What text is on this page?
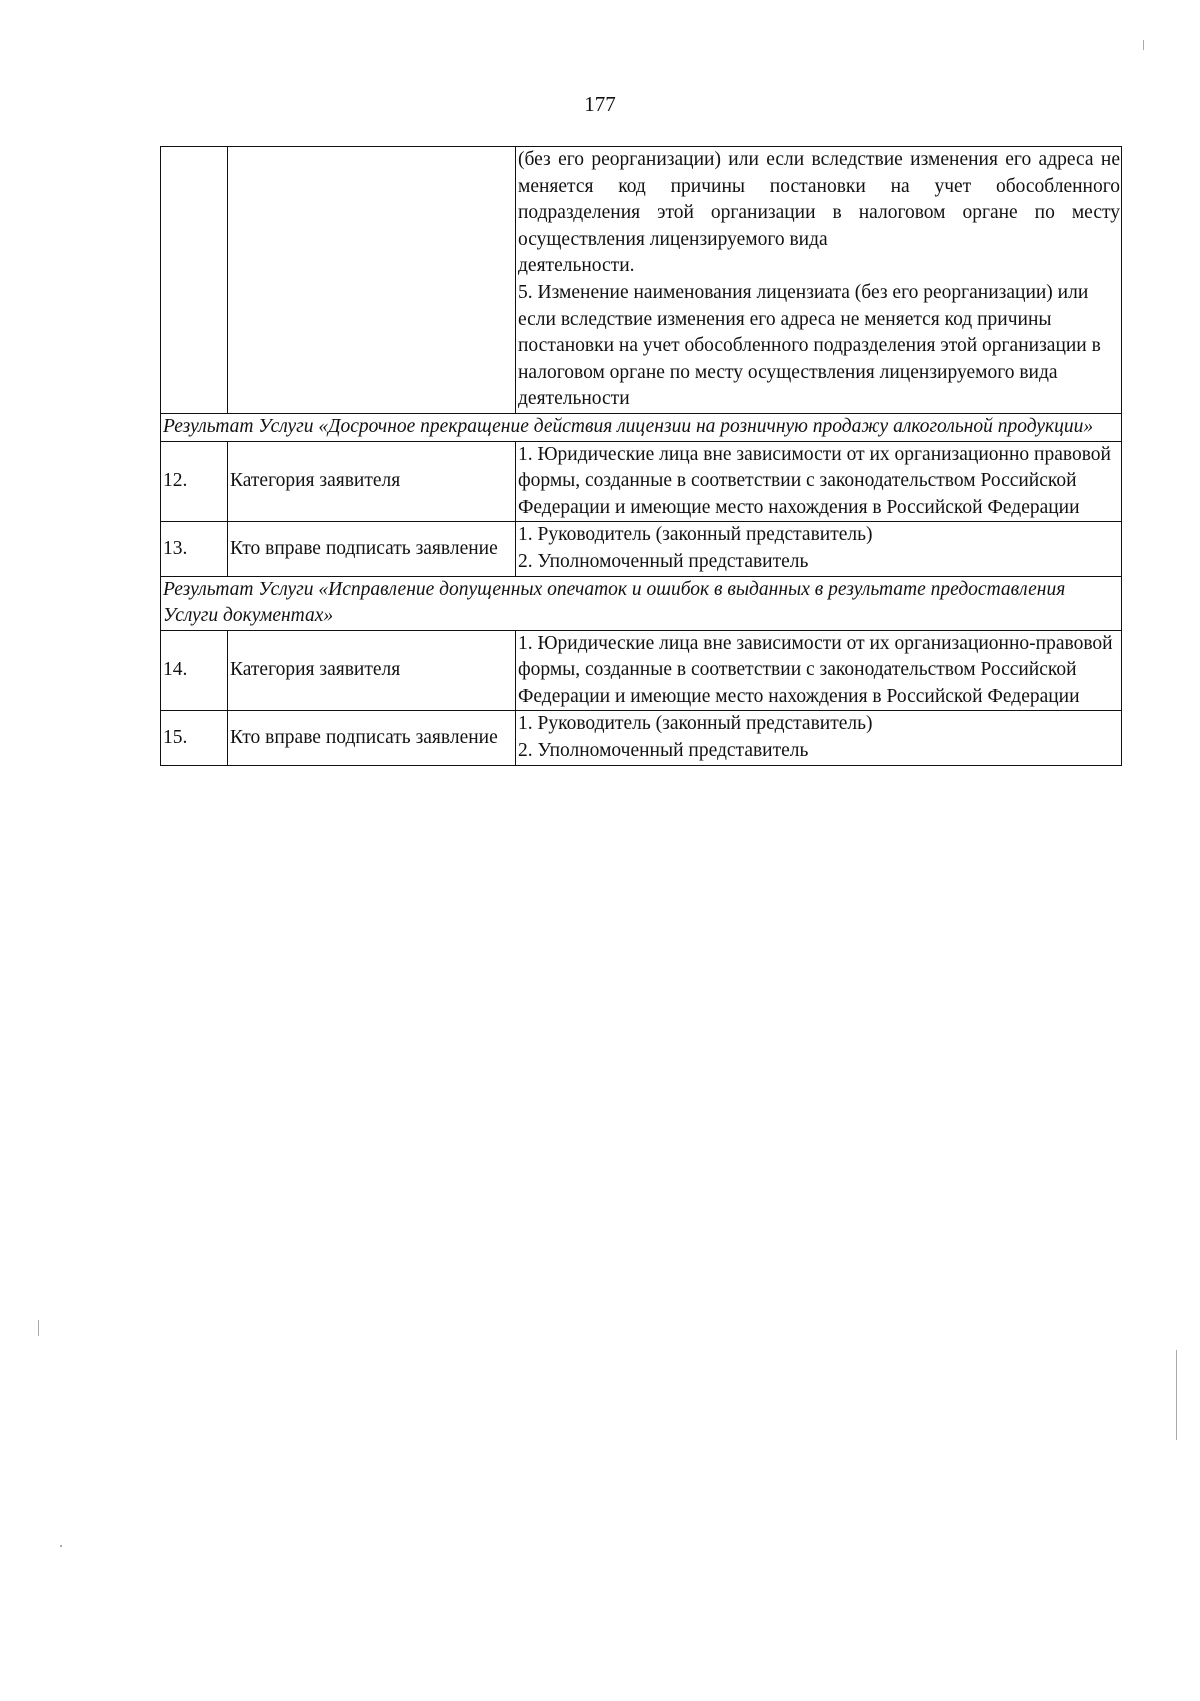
177

		(без его реорганизации) или если вследствие изменения его адреса не меняется код причины постановки на учет обособленного подразделения этой организации в налоговом органе по месту осуществления лицензируемого вида
деятельности.
5. Изменение наименования лицензиата (без его реорганизации) или если вследствие изменения его адреса не меняется код причины постановки на учет обособленного подразделения этой организации в налоговом органе по месту осуществления лицензируемого вида деятельности

Результат Услуги «Досрочное прекращение действия лицензии на розничную продажу алкогольной продукции»		
12.	Категория заявителя	1. Юридические лица вне зависимости от их организационно правовой формы, созданные в соответствии с законодательством Российской Федерации и имеющие место нахождения в Российской Федерации
13.	Кто вправе подписать заявление	1. Руководитель (законный представитель)
2. Уполномоченный представитель

Результат Услуги «Исправление допущенных опечаток и ошибок в выданных в результате предоставления Услуги документах»		
14.	Категория заявителя	1. Юридические лица вне зависимости от их организационно-правовой формы, созданные в соответствии с законодательством Российской Федерации и имеющие место нахождения в Российской Федерации
15.	Кто вправе подписать заявление	1. Руководитель (законный представитель)
2. Уполномоченный представитель
